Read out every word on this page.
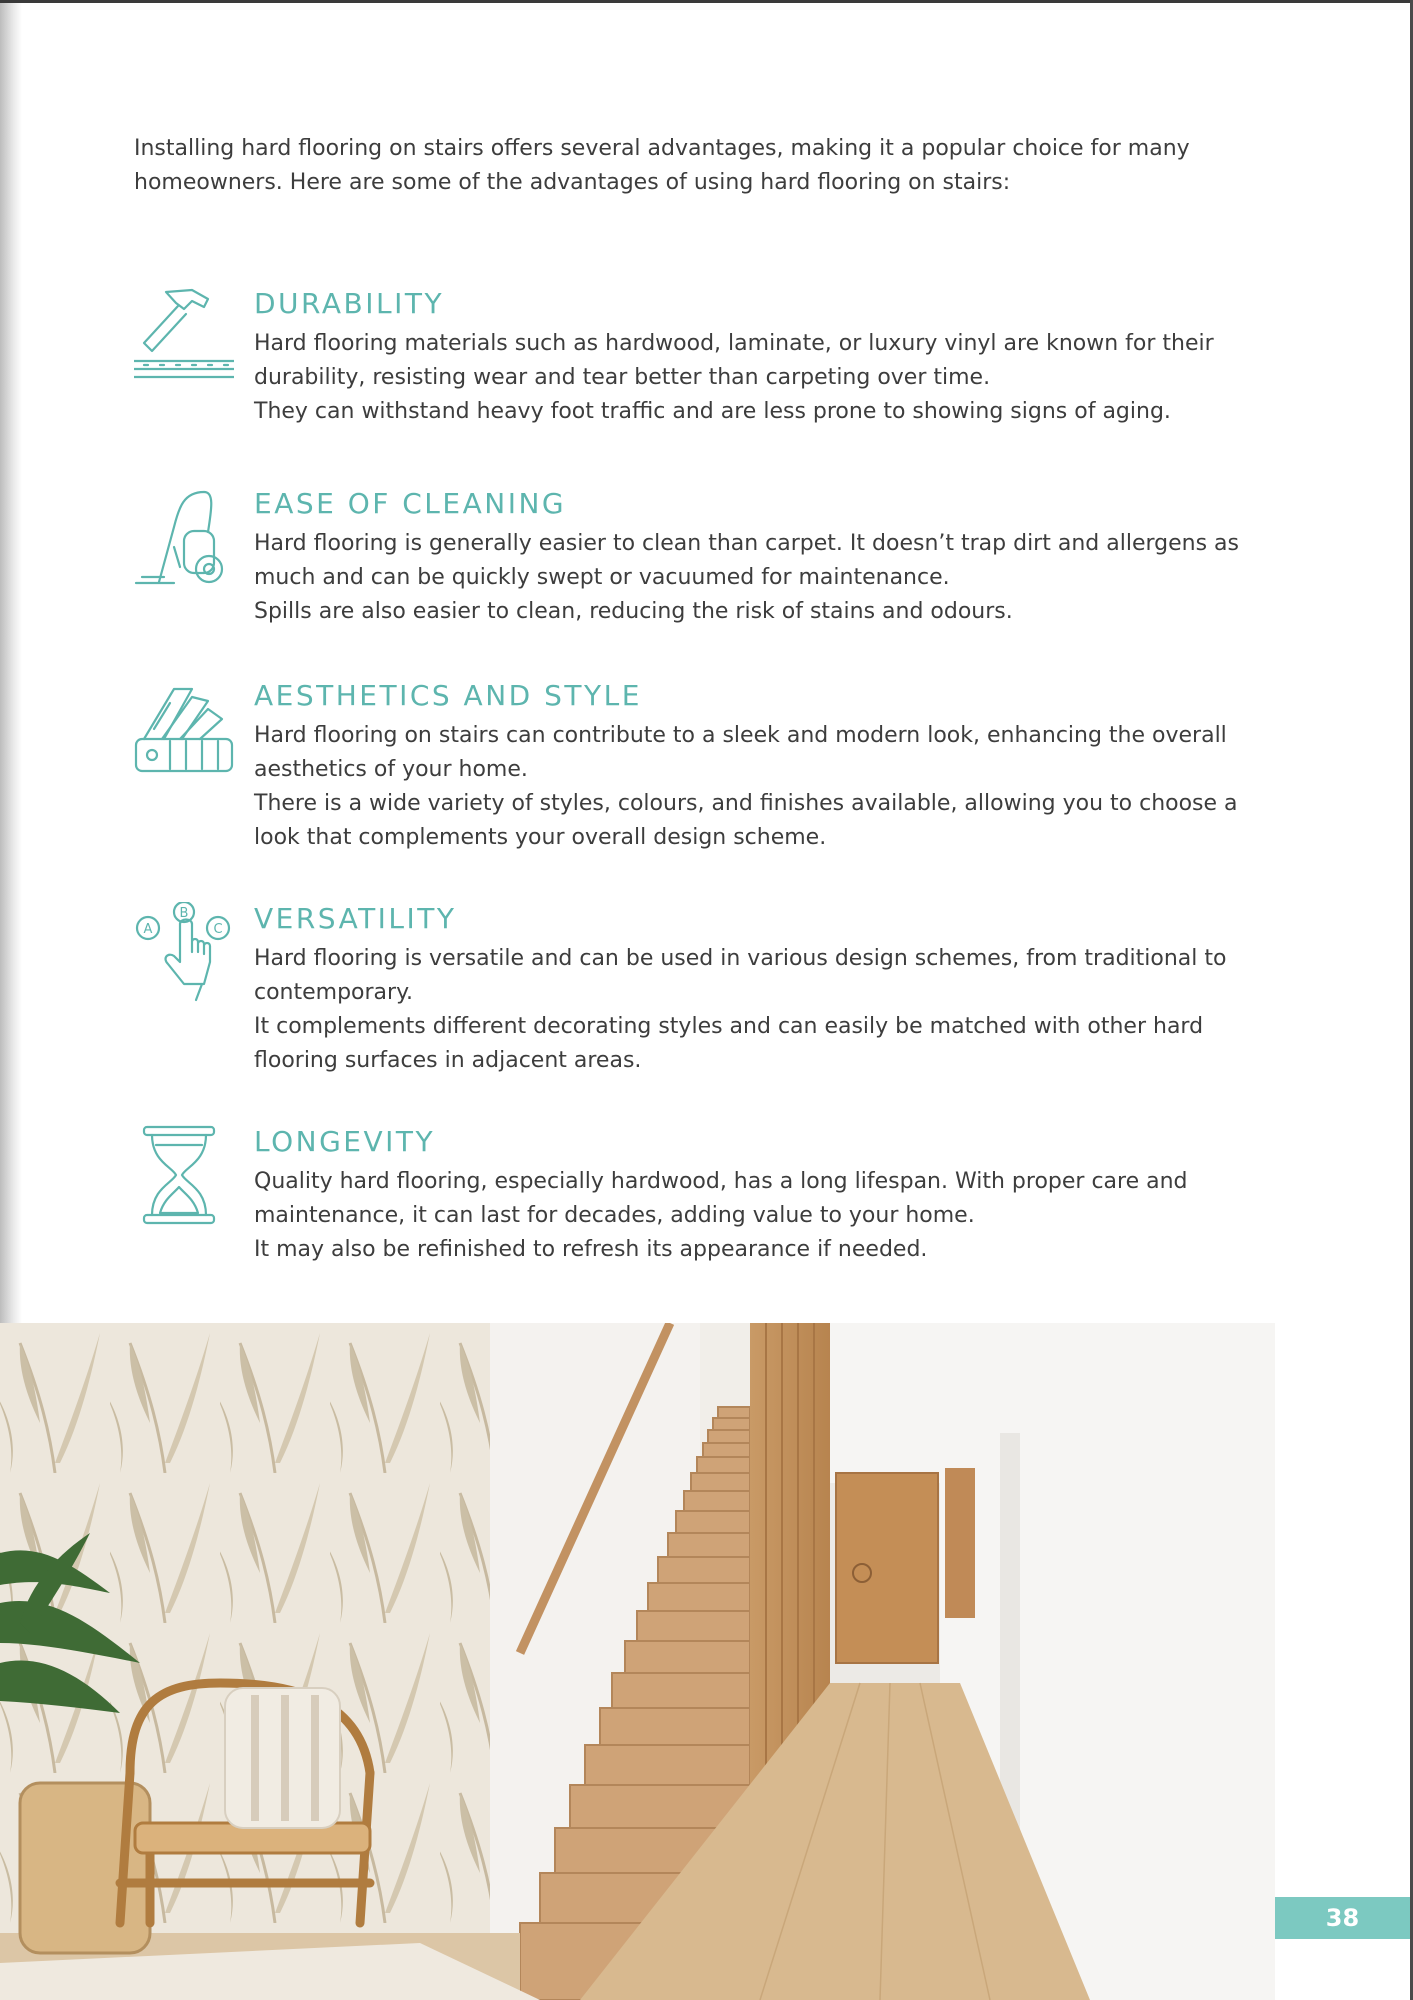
Installing hard flooring on stairs offers several advantages, making it a popular choice for many homeowners. Here are some of the advantages of using hard flooring on stairs:

DURABILITY

Hard flooring materials such as hardwood, laminate, or luxury vinyl are known for their durability, resisting wear and tear better than carpeting over time.

They can withstand heavy foot traffic and are less prone to showing signs of aging.

EASE OF CLEANING

Hard flooring is generally easier to clean than carpet. It doesn’t trap dirt and allergens as much and can be quickly swept or vacuumed for maintenance.

Spills are also easier to clean, reducing the risk of stains and odours.

AESTHETICS AND STYLE

Hard flooring on stairs can contribute to a sleek and modern look, enhancing the overall aesthetics of your home.

There is a wide variety of styles, colours, and finishes available, allowing you to choose a look that complements your overall design scheme.

A
B
C VERSATILITY

Hard flooring is versatile and can be used in various design schemes, from traditional to contemporary.

It complements different decorating styles and can easily be matched with other hard flooring surfaces in adjacent areas.

LONGEVITY

Quality hard flooring, especially hardwood, has a long lifespan. With proper care and maintenance, it can last for decades, adding value to your home.

It may also be refinished to refresh its appearance if needed.

38
